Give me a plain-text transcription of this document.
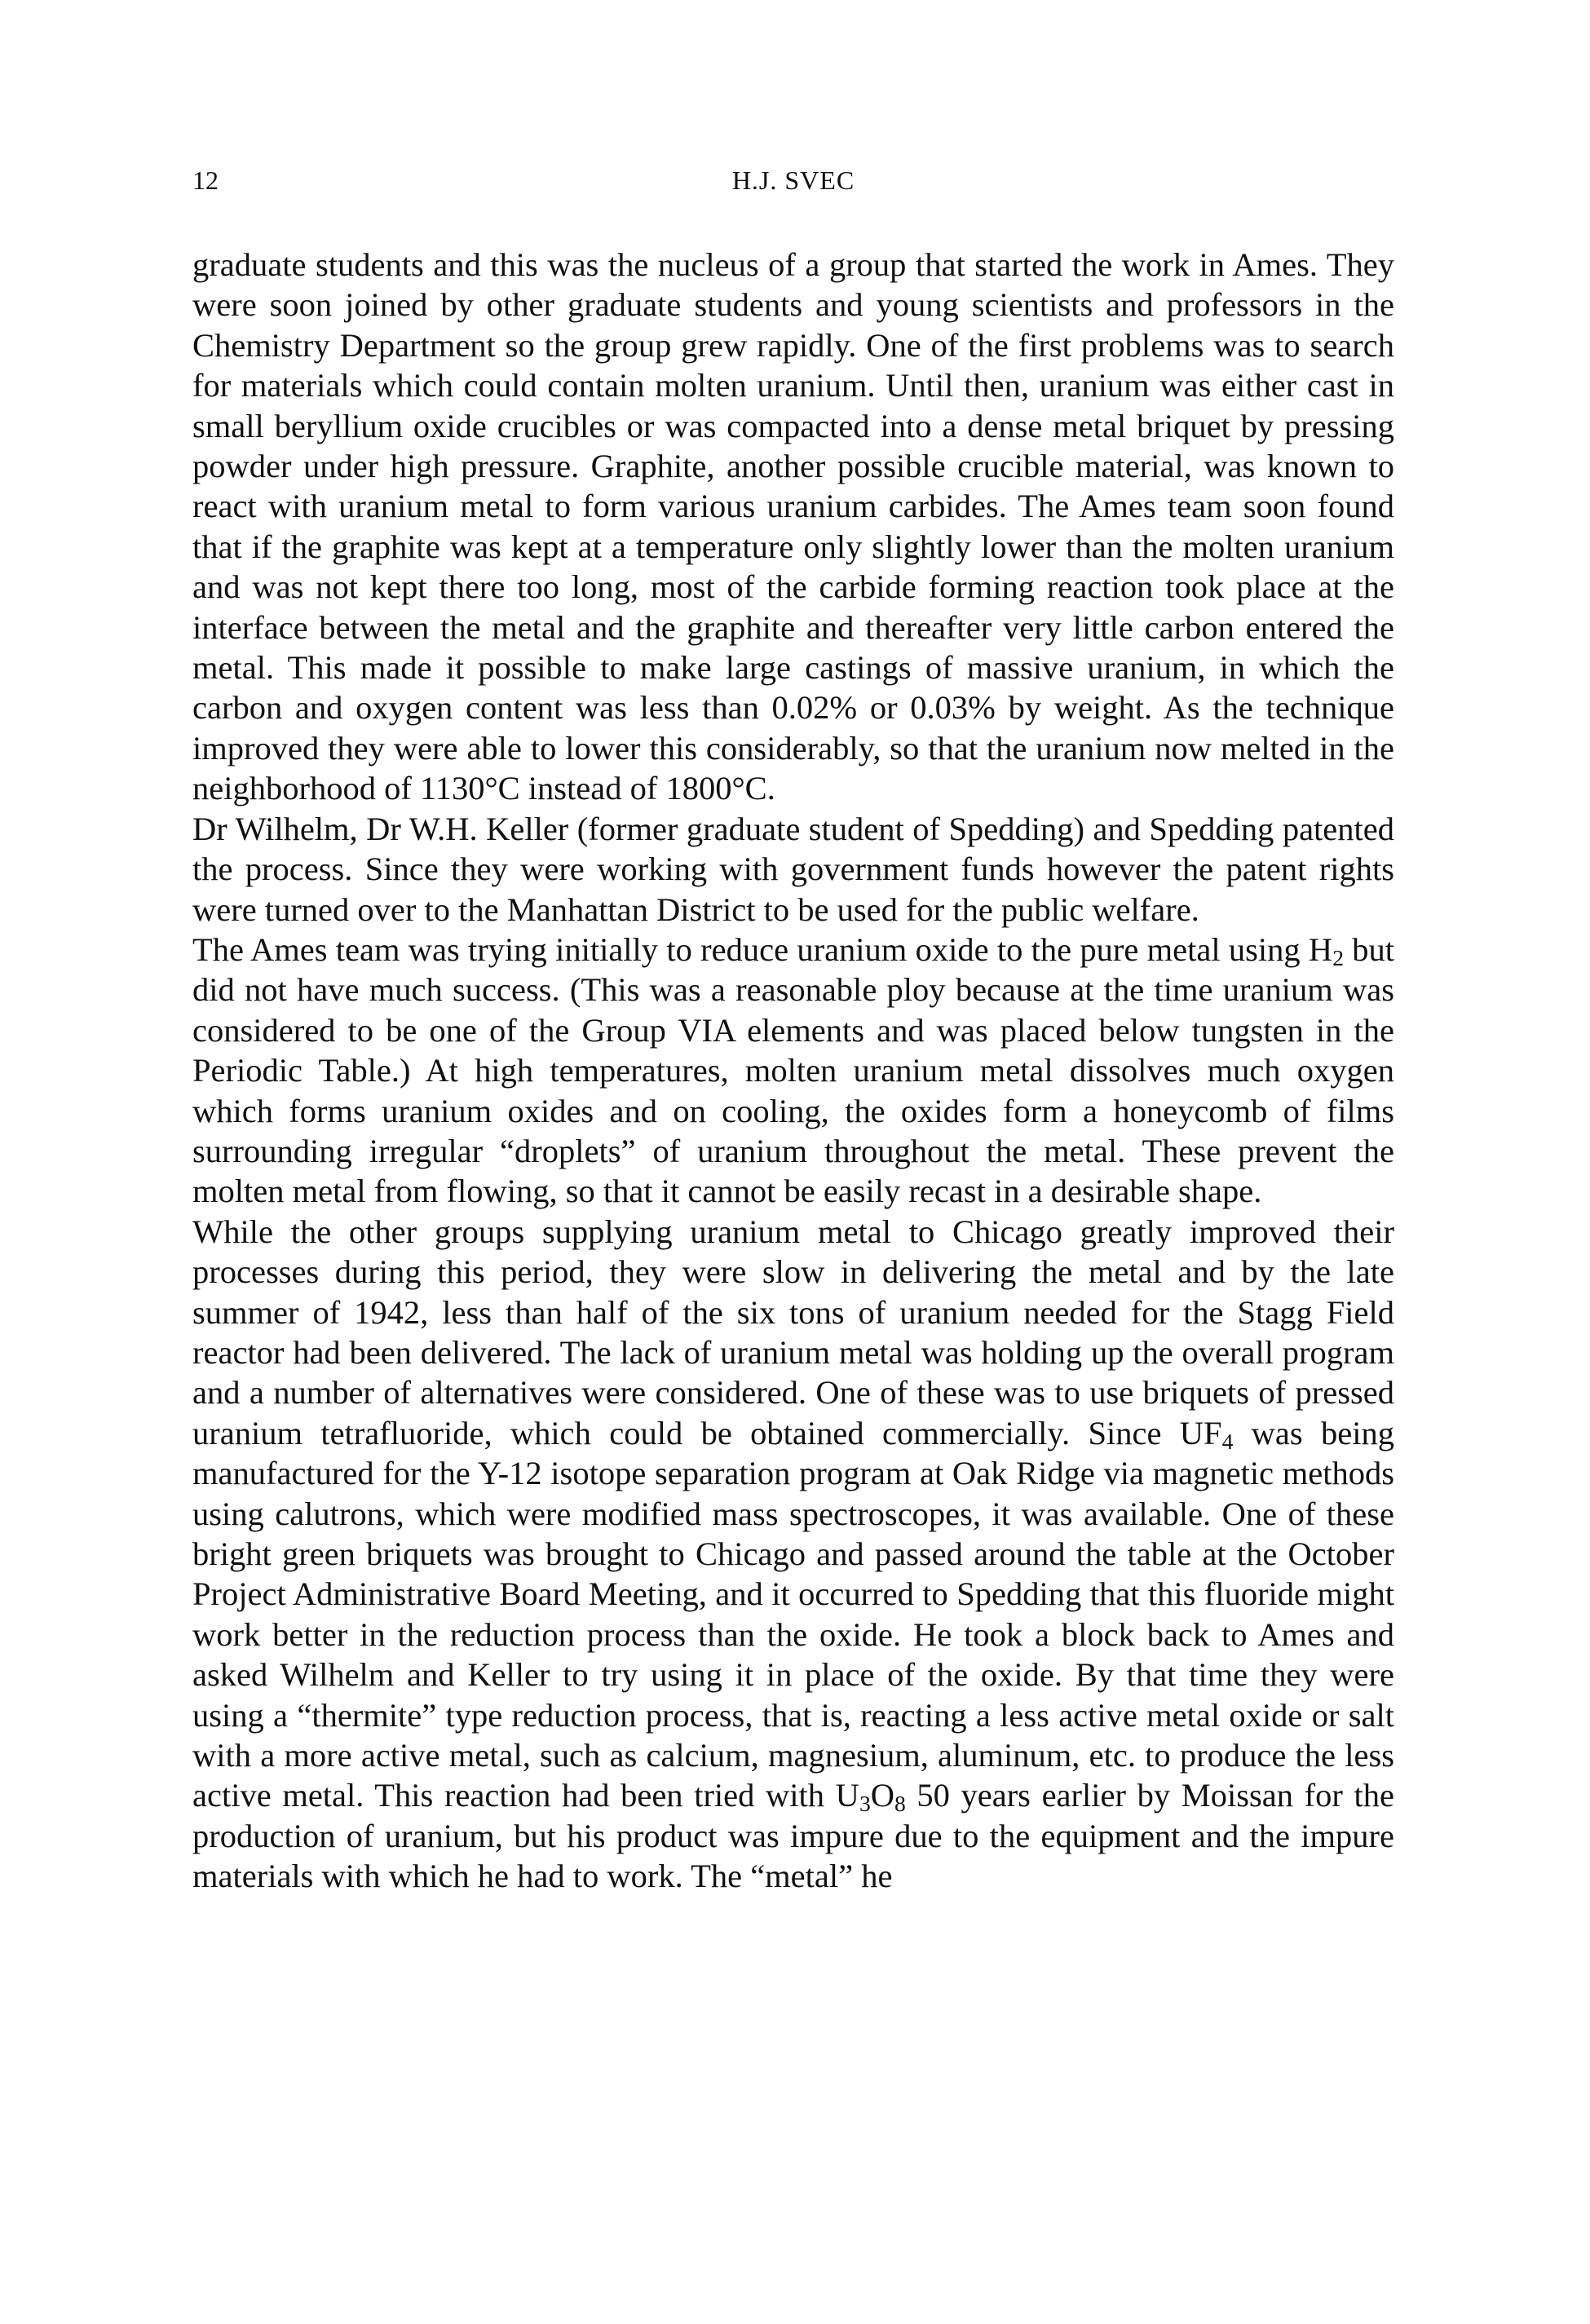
12	H.J. SVEC

graduate students and this was the nucleus of a group that started the work in Ames. They were soon joined by other graduate students and young scientists and professors in the Chemistry Department so the group grew rapidly. One of the first problems was to search for materials which could contain molten uranium. Until then, uranium was either cast in small beryllium oxide crucibles or was compacted into a dense metal briquet by pressing powder under high pressure. Graphite, another possible crucible material, was known to react with uranium metal to form various uranium carbides. The Ames team soon found that if the graphite was kept at a temperature only slightly lower than the molten uranium and was not kept there too long, most of the carbide forming reaction took place at the interface between the metal and the graphite and thereafter very little carbon entered the metal. This made it possible to make large castings of massive uranium, in which the carbon and oxygen content was less than 0.02% or 0.03% by weight. As the technique improved they were able to lower this considerably, so that the uranium now melted in the neighborhood of 1130°C instead of 1800°C.

Dr Wilhelm, Dr W.H. Keller (former graduate student of Spedding) and Spedding patented the process. Since they were working with government funds however the patent rights were turned over to the Manhattan District to be used for the public welfare.

The Ames team was trying initially to reduce uranium oxide to the pure metal using $H_2$ but did not have much success. (This was a reasonable ploy because at the time uranium was considered to be one of the Group VIA elements and was placed below tungsten in the Periodic Table.) At high temperatures, molten uranium metal dissolves much oxygen which forms uranium oxides and on cooling, the oxides form a honeycomb of films surrounding irregular “droplets” of uranium throughout the metal. These prevent the molten metal from flowing, so that it cannot be easily recast in a desirable shape.

While the other groups supplying uranium metal to Chicago greatly improved their processes during this period, they were slow in delivering the metal and by the late summer of 1942, less than half of the six tons of uranium needed for the Stagg Field reactor had been delivered. The lack of uranium metal was holding up the overall program and a number of alternatives were considered. One of these was to use briquets of pressed uranium tetrafluoride, which could be obtained commercially. Since $UF_4$ was being manufactured for the Y-12 isotope separation program at Oak Ridge via magnetic methods using calutrons, which were modified mass spectroscopes, it was available. One of these bright green briquets was brought to Chicago and passed around the table at the October Project Administrative Board Meeting, and it occurred to Spedding that this fluoride might work better in the reduction process than the oxide. He took a block back to Ames and asked Wilhelm and Keller to try using it in place of the oxide. By that time they were using a “thermite” type reduction process, that is, reacting a less active metal oxide or salt with a more active metal, such as calcium, magnesium, aluminum, etc. to produce the less active metal. This reaction had been tried with $U_3O_8$ 50 years earlier by Moissan for the production of uranium, but his product was impure due to the equipment and the impure materials with which he had to work. The “metal” he
